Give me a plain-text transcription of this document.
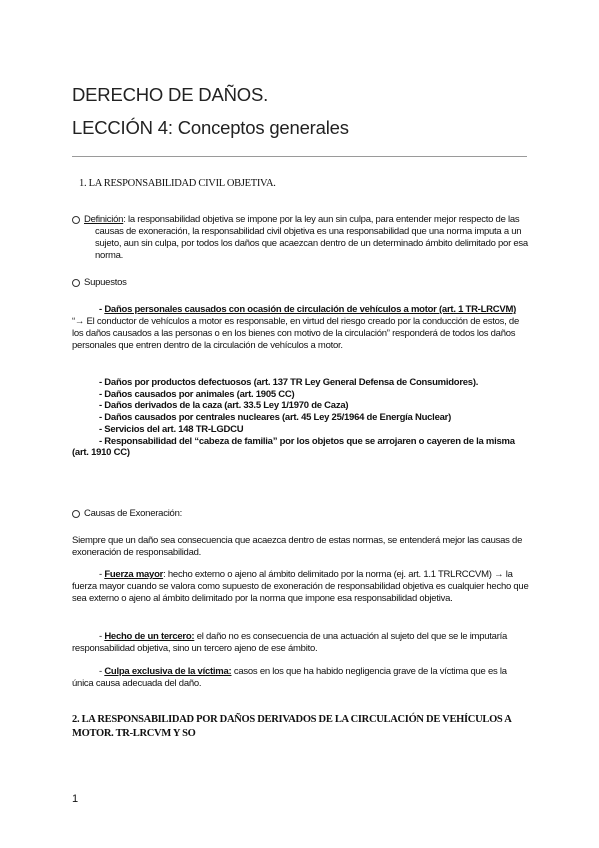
DERECHO DE DAÑOS.
LECCIÓN 4: Conceptos generales
1. LA RESPONSABILIDAD CIVIL OBJETIVA.
Definición: la responsabilidad objetiva se impone por la ley aun sin culpa, para entender mejor respecto de las causas de exoneración, la responsabilidad civil objetiva es una responsabilidad que una norma imputa a un sujeto, aun sin culpa, por todos los daños que acaezcan dentro de un determinado ámbito delimitado por esa norma.
Supuestos
- Daños personales causados con ocasión de circulación de vehículos a motor (art. 1 TR-LRCVM) “→ El conductor de vehículos a motor es responsable, en virtud del riesgo creado por la conducción de estos, de los daños causados a las personas o en los bienes con motivo de la circulación” responderá de todos los daños personales que entren dentro de la circulación de vehículos a motor.
- Daños por productos defectuosos (art. 137 TR Ley General Defensa de Consumidores).
- Daños causados por animales (art. 1905 CC)
- Daños derivados de la caza (art. 33.5 Ley 1/1970 de Caza)
- Daños causados por centrales nucleares (art. 45 Ley 25/1964 de Energía Nuclear)
- Servicios del art. 148 TR-LGDCU
- Responsabilidad del “cabeza de familia” por los objetos que se arrojaren o cayeren de la misma (art. 1910 CC)
Causas de Exoneración:
Siempre que un daño sea consecuencia que acaezca dentro de estas normas, se entenderá mejor las causas de exoneración de responsabilidad.
- Fuerza mayor: hecho externo o ajeno al ámbito delimitado por la norma (ej. art. 1.1 TRLRCCVM) → la fuerza mayor cuando se valora como supuesto de exoneración de responsabilidad objetiva es cualquier hecho que sea externo o ajeno al ámbito delimitado por la norma que impone esa responsabilidad objetiva.
- Hecho de un tercero: el daño no es consecuencia de una actuación al sujeto del que se le imputaría responsabilidad objetiva, sino un tercero ajeno de ese ámbito.
- Culpa exclusiva de la víctima: casos en los que ha habido negligencia grave de la víctima que es la única causa adecuada del daño.
2. LA RESPONSABILIDAD POR DAÑOS DERIVADOS DE LA CIRCULACIÓN DE VEHÍCULOS A MOTOR. TR-LRCVM Y SO
1
